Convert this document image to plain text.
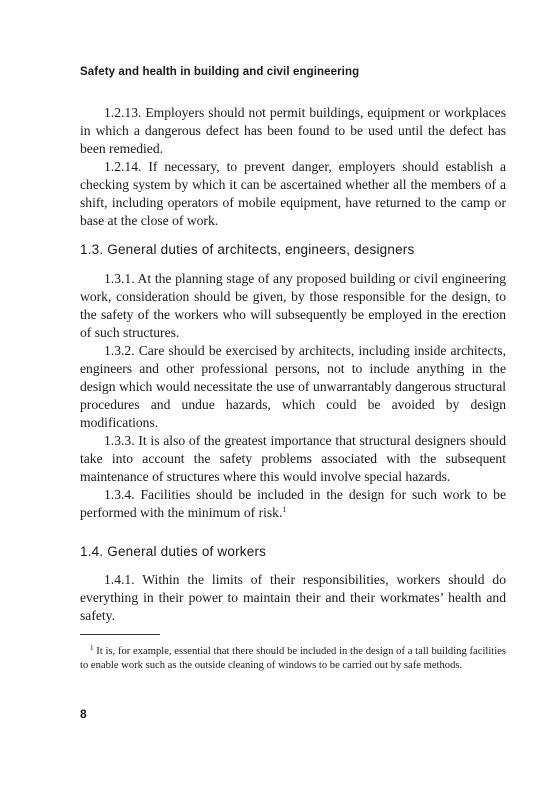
Safety and health in building and civil engineering

1.2.13. Employers should not permit buildings, equipment or workplaces in which a dangerous defect has been found to be used until the defect has been remedied.

1.2.14. If necessary, to prevent danger, employers should establish a checking system by which it can be ascertained whether all the members of a shift, including operators of mobile equipment, have returned to the camp or base at the close of work.

1.3. General duties of architects, engineers, designers

1.3.1. At the planning stage of any proposed building or civil engineering work, consideration should be given, by those responsible for the design, to the safety of the workers who will subsequently be employed in the erection of such structures.

1.3.2. Care should be exercised by architects, including inside architects, engineers and other professional persons, not to include anything in the design which would necessitate the use of unwarrantably dangerous structural procedures and undue hazards, which could be avoided by design modifications.

1.3.3. It is also of the greatest importance that structural designers should take into account the safety problems associated with the subsequent maintenance of structures where this would involve special hazards.

1.3.4. Facilities should be included in the design for such work to be performed with the minimum of risk.$^1$

1.4. General duties of workers

1.4.1. Within the limits of their responsibilities, workers should do everything in their power to maintain their and their workmates’ health and safety.

$^1$ It is, for example, essential that there should be included in the design of a tall building facilities to enable work such as the outside cleaning of windows to be carried out by safe methods.

8
